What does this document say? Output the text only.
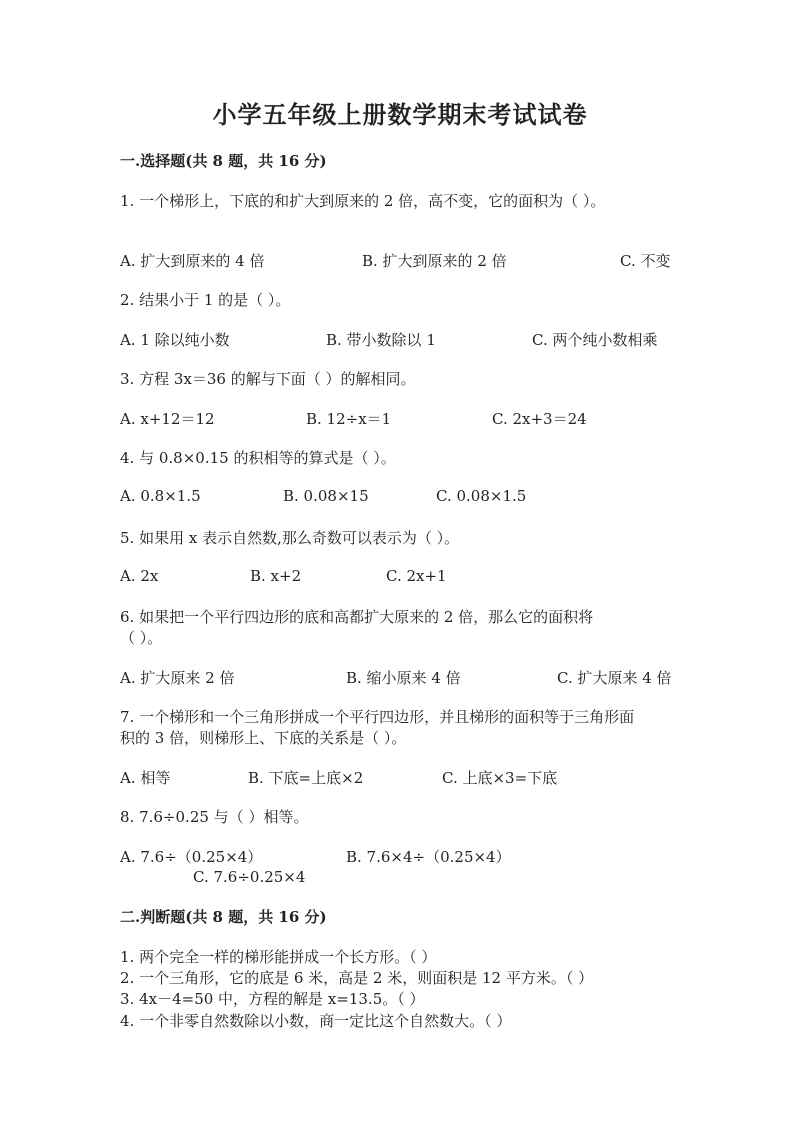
小学五年级上册数学期末考试试卷
一.选择题(共 8 题，共 16 分)
1. 一个梯形上，下底的和扩大到原来的 2 倍，高不变，它的面积为（ ）。
A. 扩大到原来的 4 倍	B. 扩大到原来的 2 倍	C. 不变
2. 结果小于 1 的是（ ）。
A. 1 除以纯小数	B. 带小数除以 1	C. 两个纯小数相乘
3. 方程 3x＝36 的解与下面（ ）的解相同。
A. x+12＝12	B. 12÷x＝1	C. 2x+3＝24
4. 与 0.8×0.15 的积相等的算式是（ ）。
A. 0.8×1.5	B. 0.08×15	C. 0.08×1.5
5. 如果用 x 表示自然数,那么奇数可以表示为（ ）。
A. 2x	B. x+2	C. 2x+1
6. 如果把一个平行四边形的底和高都扩大原来的 2 倍，那么它的面积将
（ ）。
A. 扩大原来 2 倍	B. 缩小原来 4 倍	C. 扩大原来 4 倍
7. 一个梯形和一个三角形拼成一个平行四边形，并且梯形的面积等于三角形面
积的 3 倍，则梯形上、下底的关系是（ ）。
A. 相等	B. 下底=上底×2	C. 上底×3=下底
8. 7.6÷0.25 与（ ）相等。
A. 7.6÷（0.25×4）	B. 7.6×4÷（0.25×4）
C. 7.6÷0.25×4
二.判断题(共 8 题，共 16 分)
1. 两个完全一样的梯形能拼成一个长方形。（ ）
2. 一个三角形，它的底是 6 米，高是 2 米，则面积是 12 平方米。（ ）
3. 4x－4=50 中，方程的解是 x=13.5。（ ）
4. 一个非零自然数除以小数，商一定比这个自然数大。（ ）
